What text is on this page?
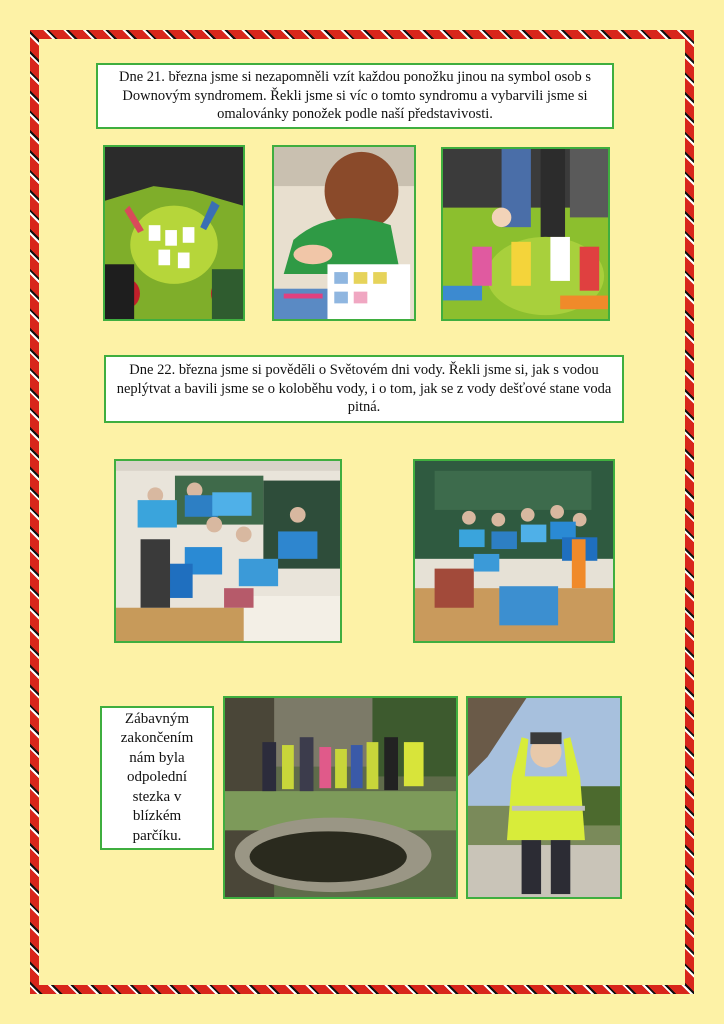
Dne 21. března jsme si nezapomněli vzít každou ponožku jinou na symbol osob s Downovým syndromem. Řekli jsme si víc o tomto syndromu a vybarvili jsme si omalovánky ponožek podle naší představivosti.
Dne 22. března jsme si povědĕli o Světovém dni vody. Řekli jsme si, jak s vodou neplýtvat a bavili jsme se o koloběhu vody, i o tom, jak se z vody dešťové stane voda pitná.
Zábavným zakončením nám byla odpolední stezka v blízkém parčíku.
